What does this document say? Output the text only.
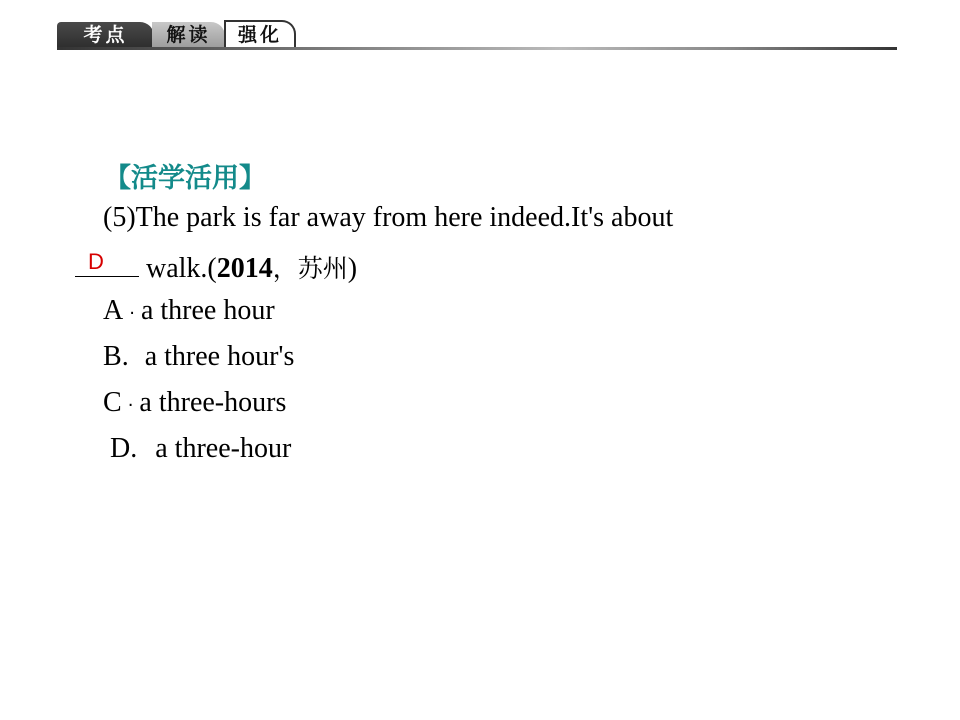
考点	解读	强化
【活学活用】
(5)The park is far away from here indeed.It's about
walk.(2014，苏州)
D
A · a three hour
B. a three hour's
C · a three-hours
D. a three-hour
